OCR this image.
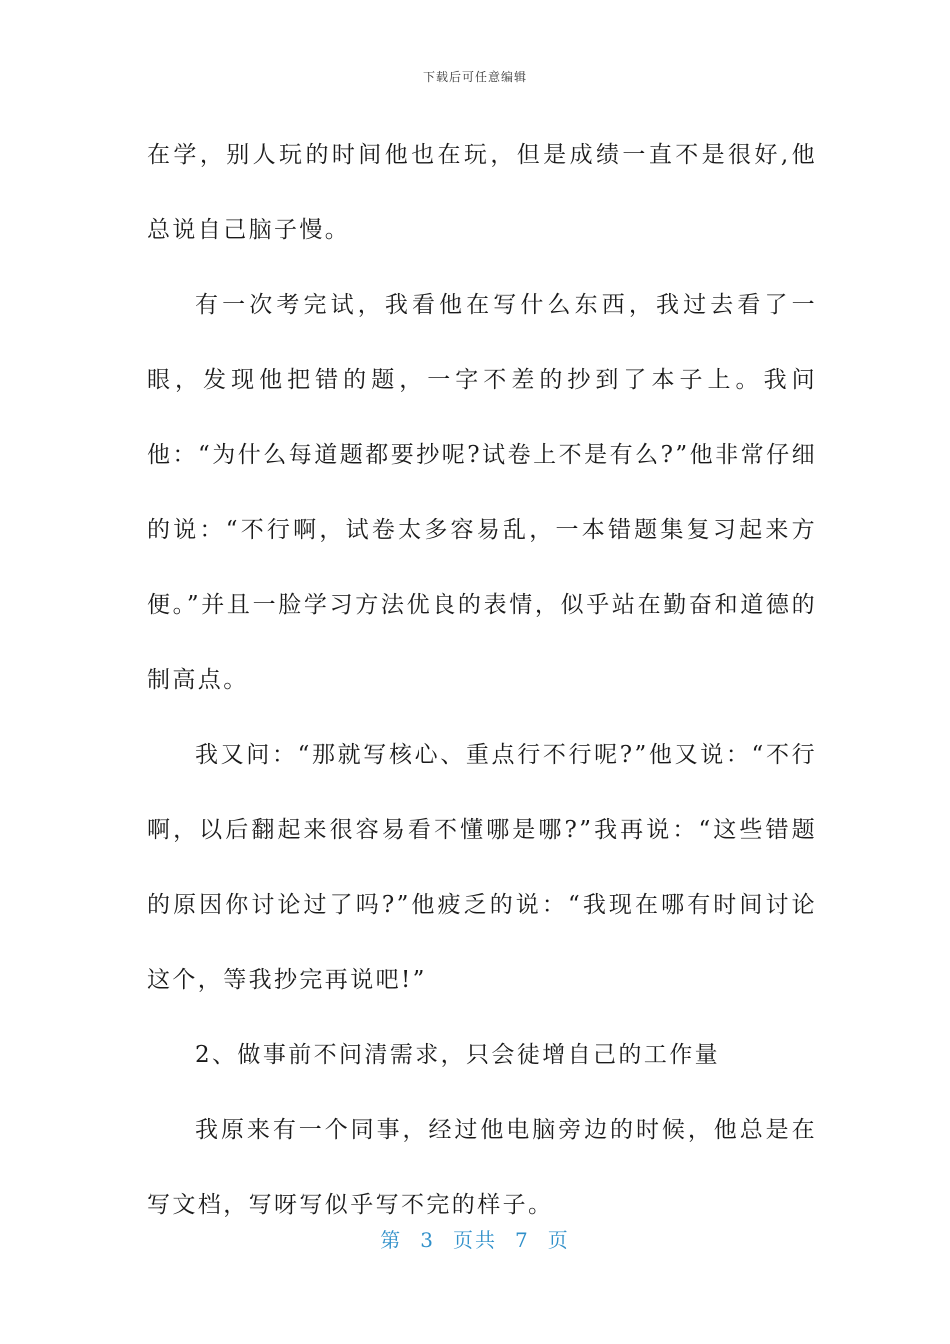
下载后可任意编辑

在学，别人玩的时间他也在玩，但是成绩一直不是很好,他总说自己脑子慢。

有一次考完试，我看他在写什么东西，我过去看了一眼，发现他把错的题，一字不差的抄到了本子上。我问他：“为什么每道题都要抄呢?试卷上不是有么?”他非常仔细的说：“不行啊，试卷太多容易乱，一本错题集复习起来方便。”并且一脸学习方法优良的表情，似乎站在勤奋和道德的制高点。

我又问：“那就写核心、重点行不行呢?”他又说：“不行啊，以后翻起来很容易看不懂哪是哪?”我再说：“这些错题的原因你讨论过了吗?”他疲乏的说：“我现在哪有时间讨论这个，等我抄完再说吧!”

2、做事前不问清需求，只会徒增自己的工作量

我原来有一个同事，经过他电脑旁边的时候，他总是在写文档，写呀写似乎写不完的样子。

第 3 页共 7 页
